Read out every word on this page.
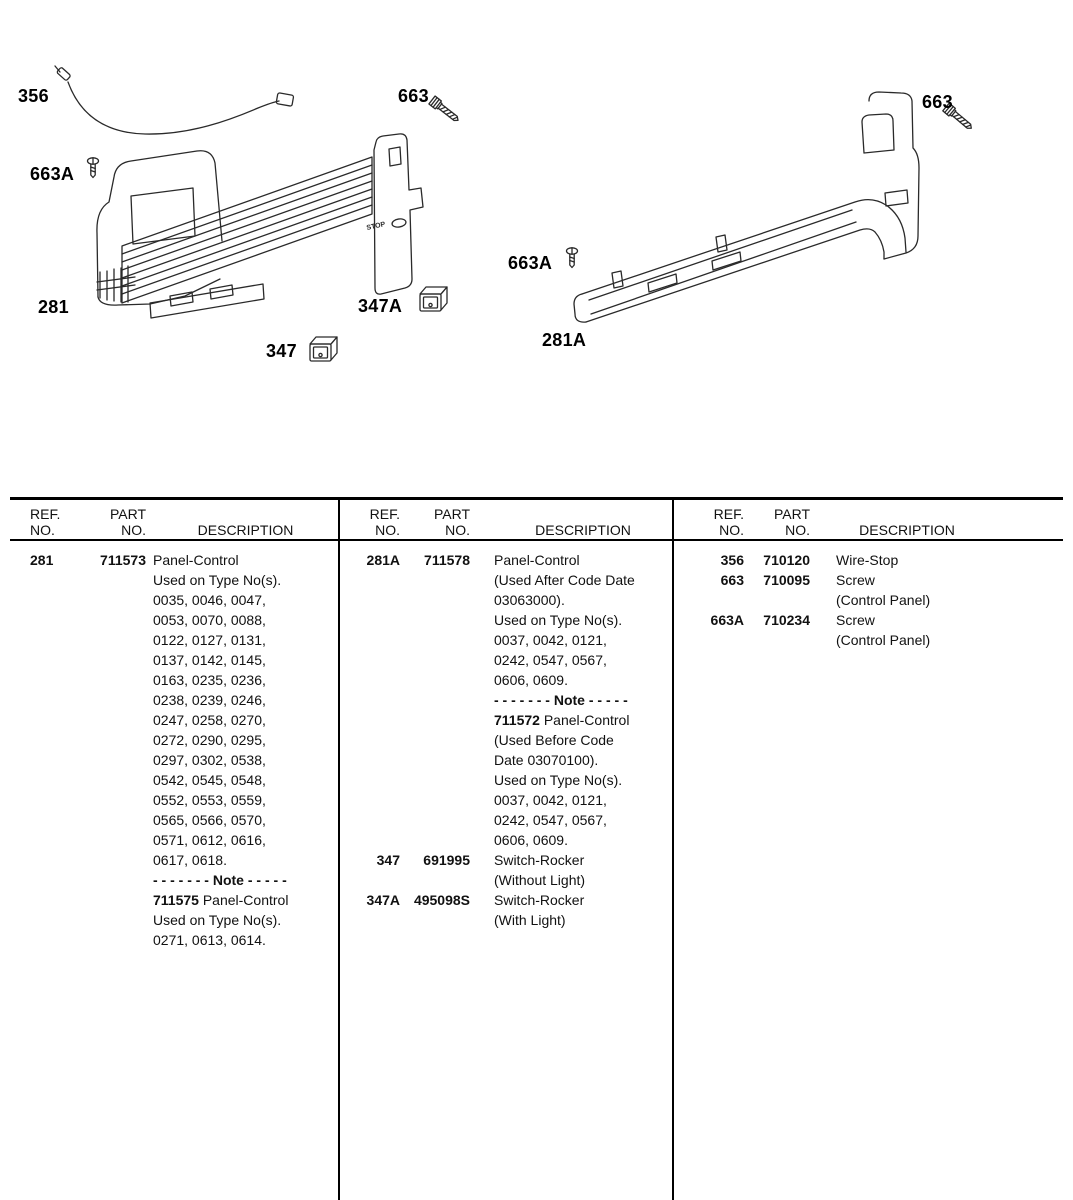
STOP
356	663
663A
281	347A
347
663
663A
281A
REF.
NO.
PART
NO.	DESCRIPTION
281	711573 Panel-Control
Used on Type No(s).
0035, 0046, 0047,
0053, 0070, 0088,
0122, 0127, 0131,
0137, 0142, 0145,
0163, 0235, 0236,
0238, 0239, 0246,
0247, 0258, 0270,
0272, 0290, 0295,
0297, 0302, 0538,
0542, 0545, 0548,
0552, 0553, 0559,
0565, 0566, 0570,
0571, 0612, 0616,
0617, 0618.
- - - - - - - Note - - - - -
711575 Panel-Control
Used on Type No(s).
0271, 0613, 0614.
REF.
NO.
PART
NO.	DESCRIPTION
281A	711578	Panel-Control
(Used After Code Date
03063000).
Used on Type No(s).
0037, 0042, 0121,
0242, 0547, 0567,
0606, 0609.
- - - - - - - Note - - - - -
711572 Panel-Control
(Used Before Code
Date 03070100).
Used on Type No(s).
0037, 0042, 0121,
0242, 0547, 0567,
0606, 0609.
347	691995	Switch-Rocker
(Without Light)
347A 495098S	Switch-Rocker
(With Light)
REF.
NO.
PART
NO.	DESCRIPTION
356	710120	Wire-Stop
663	710095	Screw
(Control Panel)
663A	710234	Screw
(Control Panel)
